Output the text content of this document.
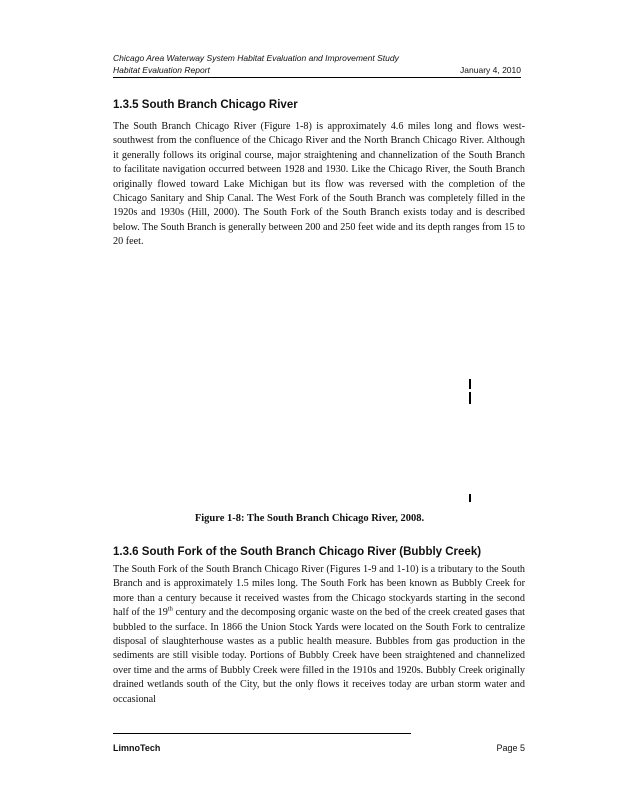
Chicago Area Waterway System Habitat Evaluation and Improvement Study
Habitat Evaluation Report	January 4, 2010
1.3.5 South Branch Chicago River

The South Branch Chicago River (Figure 1-8) is approximately 4.6 miles long and flows west-southwest from the confluence of the Chicago River and the North Branch Chicago River. Although it generally follows its original course, major straightening and channelization of the South Branch to facilitate navigation occurred between 1928 and 1930. Like the Chicago River, the South Branch originally flowed toward Lake Michigan but its flow was reversed with the completion of the Chicago Sanitary and Ship Canal. The West Fork of the South Branch was completely filled in the 1920s and 1930s (Hill, 2000). The South Fork of the South Branch exists today and is described below. The South Branch is generally between 200 and 250 feet wide and its depth ranges from 15 to 20 feet.

Figure 1-8: The South Branch Chicago River, 2008.

1.3.6 South Fork of the South Branch Chicago River (Bubbly Creek)

The South Fork of the South Branch Chicago River (Figures 1-9 and 1-10) is a tributary to the South Branch and is approximately 1.5 miles long. The South Fork has been known as Bubbly Creek for more than a century because it received wastes from the Chicago stockyards starting in the second half of the 19th century and the decomposing organic waste on the bed of the creek created gases that bubbled to the surface. In 1866 the Union Stock Yards were located on the South Fork to centralize disposal of slaughterhouse wastes as a public health measure. Bubbles from gas production in the sediments are still visible today. Portions of Bubbly Creek have been straightened and channelized over time and the arms of Bubbly Creek were filled in the 1910s and 1920s. Bubbly Creek originally drained wetlands south of the City, but the only flows it receives today are urban storm water and occasional

LimnoTech	Page 5
